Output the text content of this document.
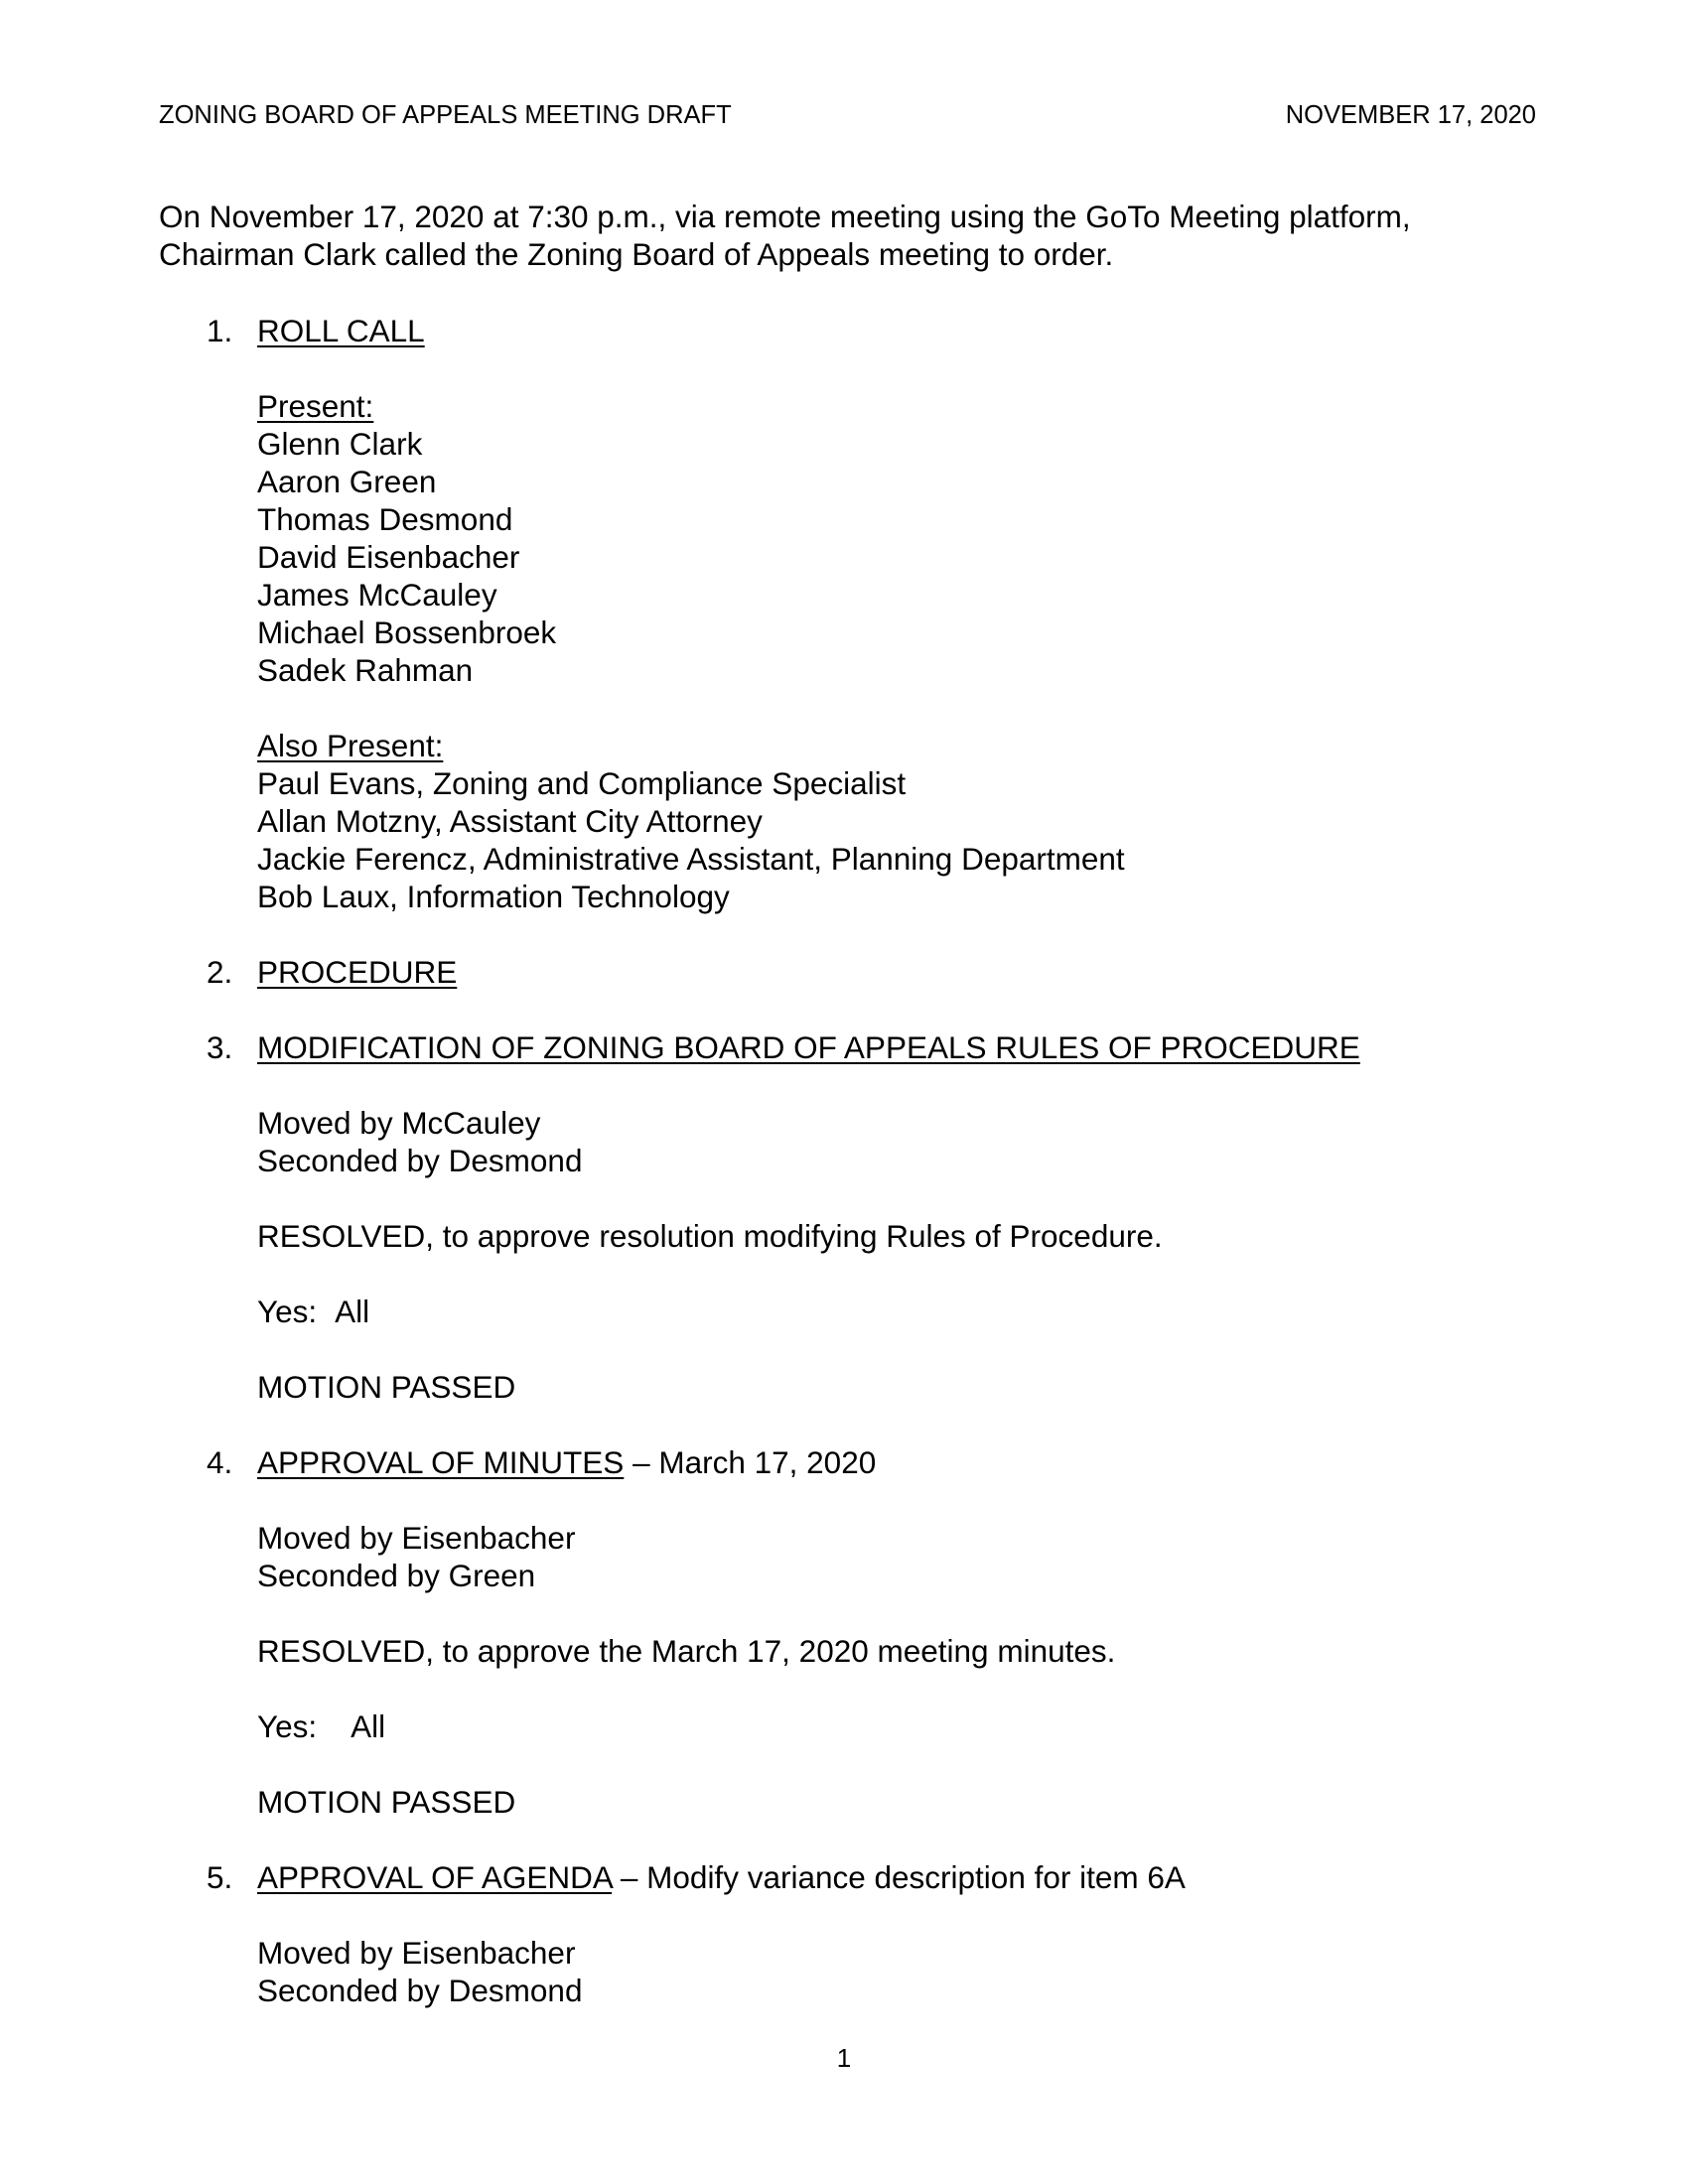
ZONING BOARD OF APPEALS MEETING DRAFT	NOVEMBER 17, 2020
On November 17, 2020 at 7:30 p.m., via remote meeting using the GoTo Meeting platform,
Chairman Clark called the Zoning Board of Appeals meeting to order.
1. ROLL CALL
Present:
Glenn Clark
Aaron Green
Thomas Desmond
David Eisenbacher
James McCauley
Michael Bossenbroek
Sadek Rahman
Also Present:
Paul Evans, Zoning and Compliance Specialist
Allan Motzny, Assistant City Attorney
Jackie Ferencz, Administrative Assistant, Planning Department
Bob Laux, Information Technology
2. PROCEDURE
3. MODIFICATION OF ZONING BOARD OF APPEALS RULES OF PROCEDURE
Moved by McCauley
Seconded by Desmond
RESOLVED, to approve resolution modifying Rules of Procedure.
Yes: All
MOTION PASSED
4. APPROVAL OF MINUTES – March 17, 2020
Moved by Eisenbacher
Seconded by Green
RESOLVED, to approve the March 17, 2020 meeting minutes.
Yes: All
MOTION PASSED
5. APPROVAL OF AGENDA – Modify variance description for item 6A
Moved by Eisenbacher
Seconded by Desmond
1
